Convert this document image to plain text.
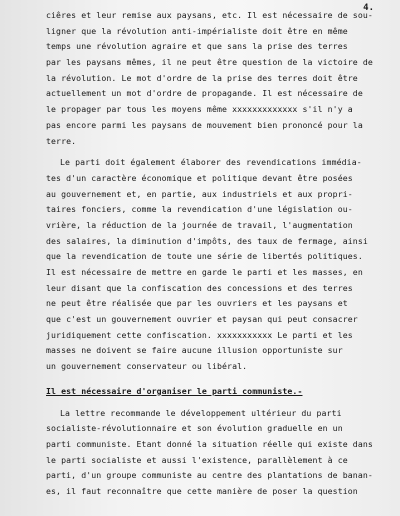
4.
ciêres et leur remise aux paysans, etc. Il est nécessaire de sou-
ligner que la révolution anti-impérialiste doit être en même
temps une révolution agraire et que sans la prise des terres
par les paysans mêmes, il ne peut être question de la victoire de
la révolution. Le mot d'ordre de la prise des terres doit être
actuellement un mot d'ordre de propagande. Il est nécessaire de
le propager par tous les moyens même xxxxxxxxxxxxx s'il n'y a
pas encore parmi les paysans de mouvement bien prononcé pour la
terre.
Le parti doit également élaborer des revendications immédia-
tes d'un caractère économique et politique devant être posées
au gouvernement et, en partie, aux industriels et aux propri-
taires fonciers, comme la revendication d'une législation ou-
vrière, la réduction de la journée de travail, l'augmentation
des salaires, la diminution d'impôts, des taux de fermage, ainsi
que la revendication de toute une série de libertés politiques.
Il est nécessaire de mettre en garde le parti et les masses, en
leur disant que la confiscation des concessions et des terres
ne peut être réalisée que par les ouvriers et les paysans et
que c'est un gouvernement ouvrier et paysan qui peut consacrer
juridiquement cette confiscation. xxxxxxxxxxx Le parti et les
masses ne doivent se faire aucune illusion opportuniste sur
un gouvernement conservateur ou libéral.
Il est nécessaire d'organiser le parti communiste.-
La lettre recommande le développement ultérieur du parti
socialiste-révolutionnaire et son évolution graduelle en un
parti communiste. Etant donné la situation réelle qui existe dans
le parti socialiste et aussi l'existence, parallèlement à ce
parti, d'un groupe communiste au centre des plantations de banan-
es, il faut reconnaître que cette manière de poser la question
